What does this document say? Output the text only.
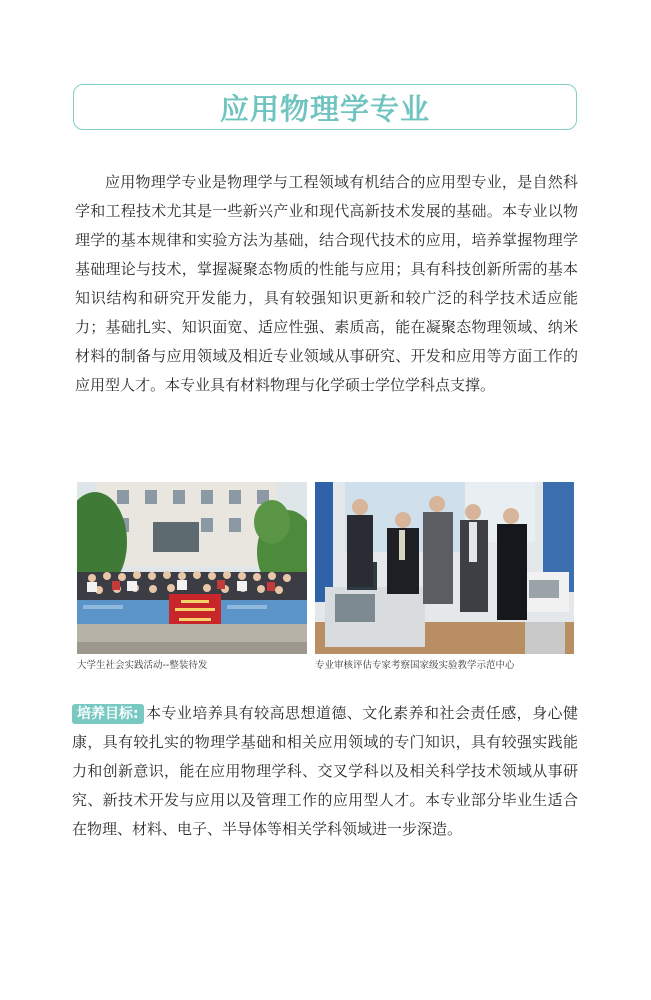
应用物理学专业

应用物理学专业是物理学与工程领域有机结合的应用型专业，是自然科学和工程技术尤其是一些新兴产业和现代高新技术发展的基础。本专业以物理学的基本规律和实验方法为基础，结合现代技术的应用，培养掌握物理学基础理论与技术，掌握凝聚态物质的性能与应用；具有科技创新所需的基本知识结构和研究开发能力，具有较强知识更新和较广泛的科学技术适应能力；基础扎实、知识面宽、适应性强、素质高，能在凝聚态物理领域、纳米材料的制备与应用领域及相近专业领域从事研究、开发和应用等方面工作的应用型人才。本专业具有材料物理与化学硕士学位学科点支撑。

大学生社会实践活动--整装待发	专业审核评估专家考察国家级实验教学示范中心

培养目标: 本专业培养具有较高思想道德、文化素养和社会责任感，身心健康，具有较扎实的物理学基础和相关应用领域的专门知识，具有较强实践能力和创新意识，能在应用物理学科、交叉学科以及相关科学技术领域从事研究、新技术开发与应用以及管理工作的应用型人才。本专业部分毕业生适合在物理、材料、电子、半导体等相关学科领域进一步深造。
